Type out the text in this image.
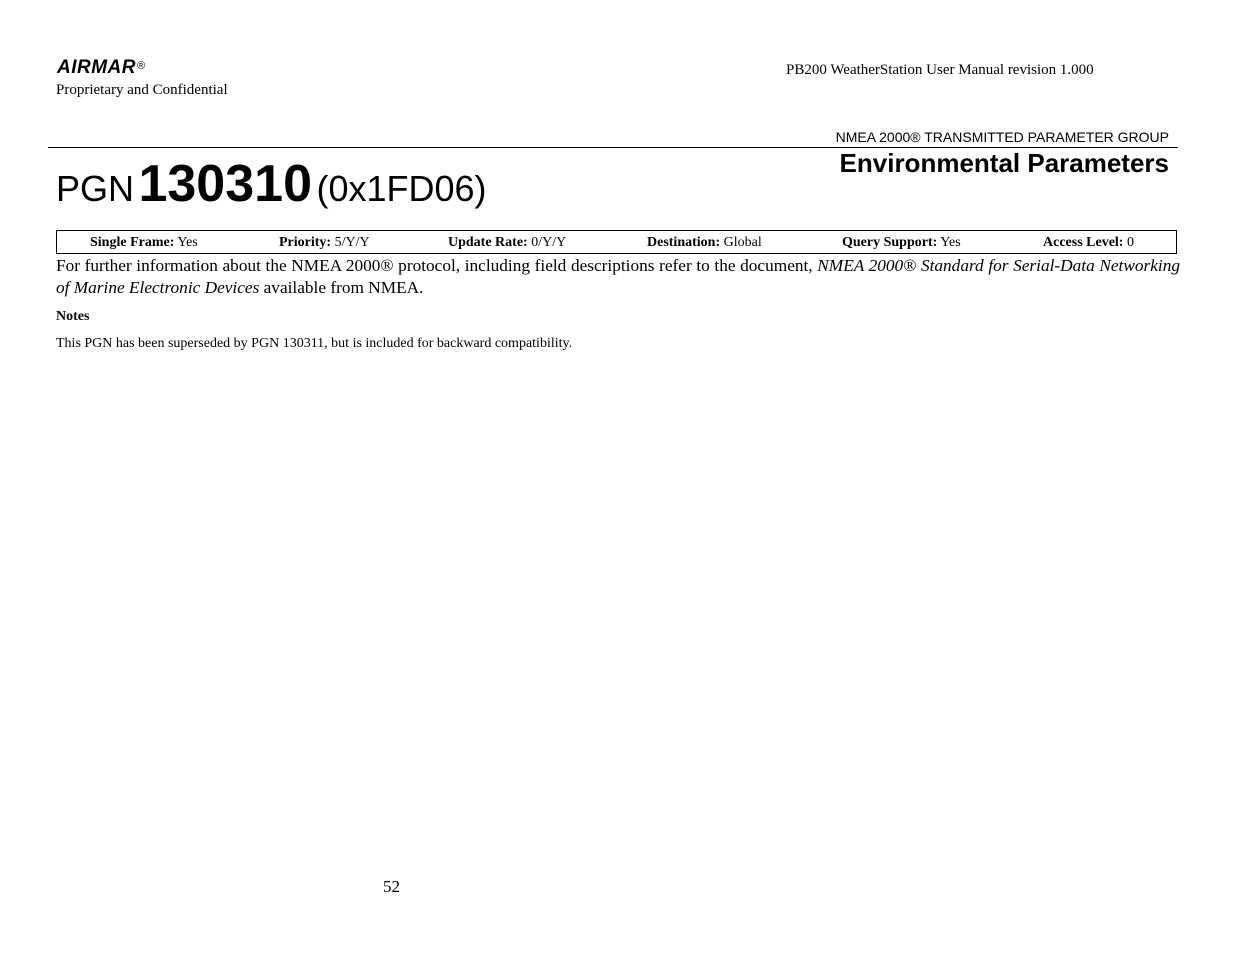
AIRMAR®
Proprietary and Confidential
PB200 WeatherStation User Manual revision 1.000
NMEA 2000® TRANSMITTED PARAMETER GROUP
Environmental Parameters
PGN 130310 (0x1FD06)
Single Frame: Yes	Priority: 5/Y/Y	Update Rate: 0/Y/Y	Destination: Global	Query Support: Yes	Access Level: 0
For further information about the NMEA 2000® protocol, including field descriptions refer to the document, NMEA 2000® Standard for Serial-Data Networking of Marine Electronic Devices available from NMEA.
Notes
This PGN has been superseded by PGN 130311, but is included for backward compatibility.
52
